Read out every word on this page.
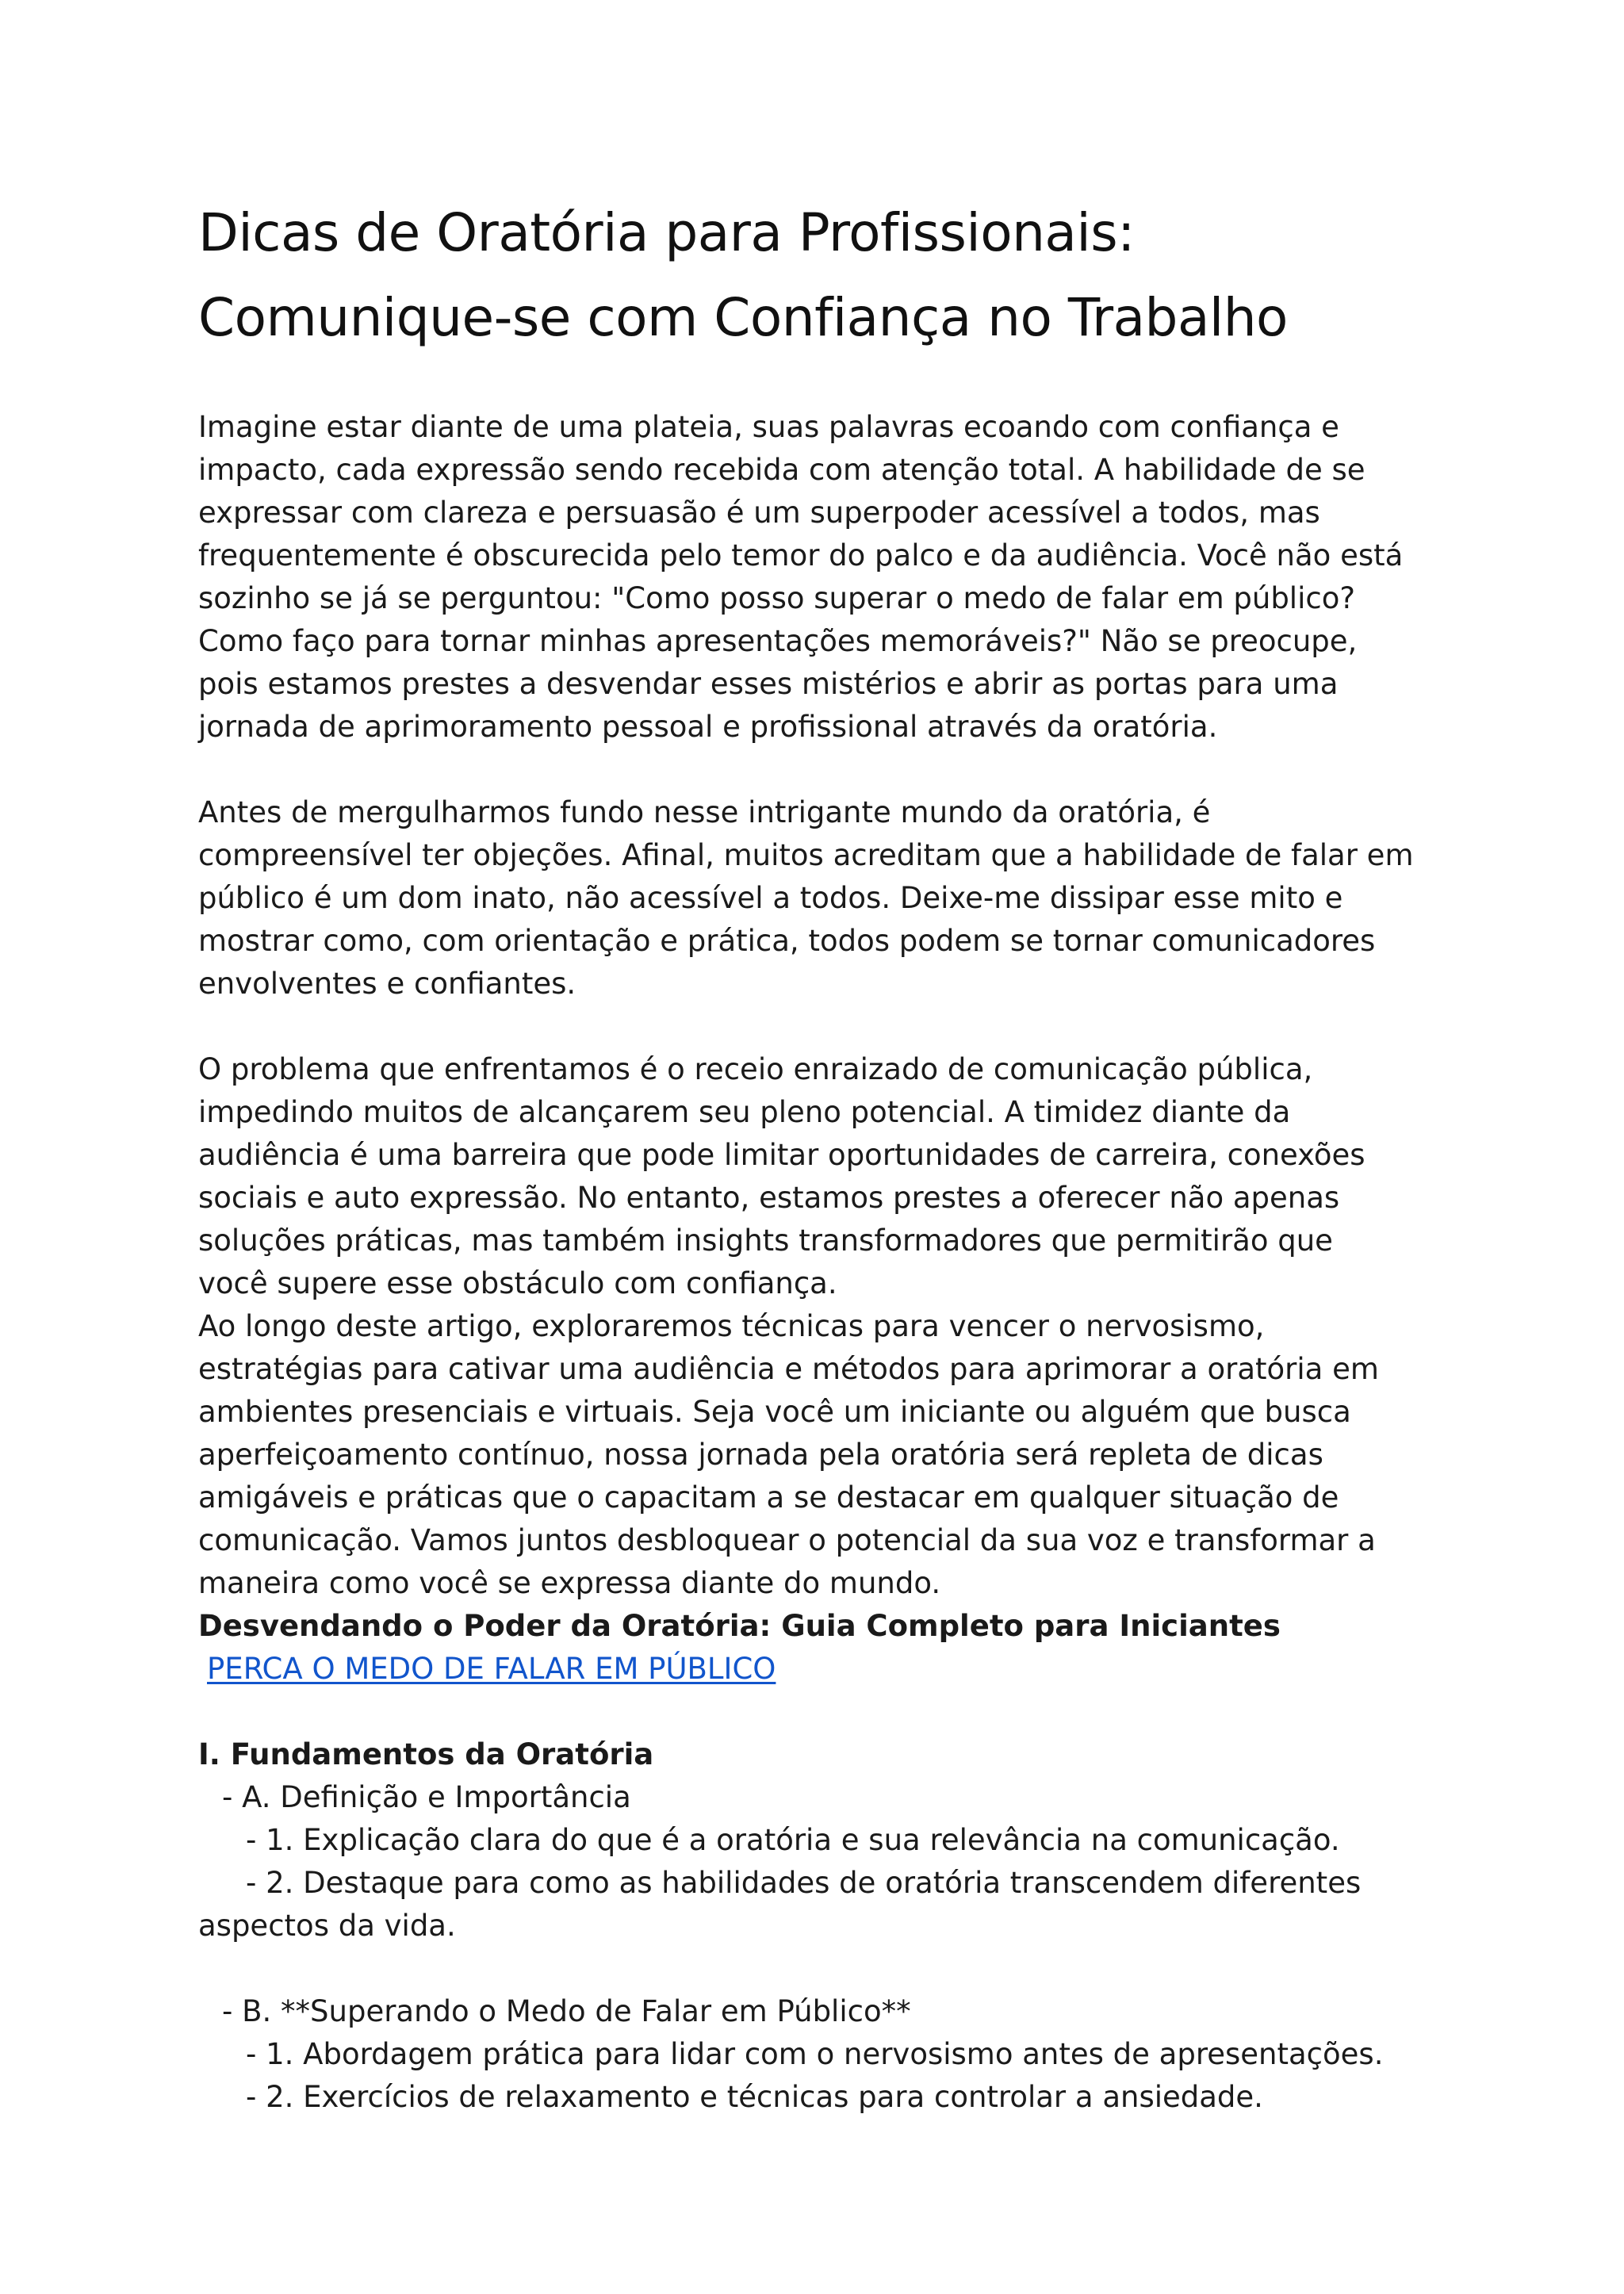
Dicas de Oratória para Profissionais:
Comunique-se com Confiança no Trabalho

Imagine estar diante de uma plateia, suas palavras ecoando com confiança e
impacto, cada expressão sendo recebida com atenção total. A habilidade de se
expressar com clareza e persuasão é um superpoder acessível a todos, mas
frequentemente é obscurecida pelo temor do palco e da audiência. Você não está
sozinho se já se perguntou: "Como posso superar o medo de falar em público?
Como faço para tornar minhas apresentações memoráveis?" Não se preocupe,
pois estamos prestes a desvendar esses mistérios e abrir as portas para uma
jornada de aprimoramento pessoal e profissional através da oratória.

Antes de mergulharmos fundo nesse intrigante mundo da oratória, é
compreensível ter objeções. Afinal, muitos acreditam que a habilidade de falar em
público é um dom inato, não acessível a todos. Deixe-me dissipar esse mito e
mostrar como, com orientação e prática, todos podem se tornar comunicadores
envolventes e confiantes.

O problema que enfrentamos é o receio enraizado de comunicação pública,
impedindo muitos de alcançarem seu pleno potencial. A timidez diante da
audiência é uma barreira que pode limitar oportunidades de carreira, conexões
sociais e auto expressão. No entanto, estamos prestes a oferecer não apenas
soluções práticas, mas também insights transformadores que permitirão que
você supere esse obstáculo com confiança.

Ao longo deste artigo, exploraremos técnicas para vencer o nervosismo,
estratégias para cativar uma audiência e métodos para aprimorar a oratória em
ambientes presenciais e virtuais. Seja você um iniciante ou alguém que busca
aperfeiçoamento contínuo, nossa jornada pela oratória será repleta de dicas
amigáveis e práticas que o capacitam a se destacar em qualquer situação de
comunicação. Vamos juntos desbloquear o potencial da sua voz e transformar a
maneira como você se expressa diante do mundo.

Desvendando o Poder da Oratória: Guia Completo para Iniciantes

PERCA O MEDO DE FALAR EM PÚBLICO

I. Fundamentos da Oratória

- A. Definição e Importância

- 1. Explicação clara do que é a oratória e sua relevância na comunicação.

- 2. Destaque para como as habilidades de oratória transcendem diferentes

aspectos da vida.

- B. **Superando o Medo de Falar em Público**

- 1. Abordagem prática para lidar com o nervosismo antes de apresentações.

- 2. Exercícios de relaxamento e técnicas para controlar a ansiedade.
